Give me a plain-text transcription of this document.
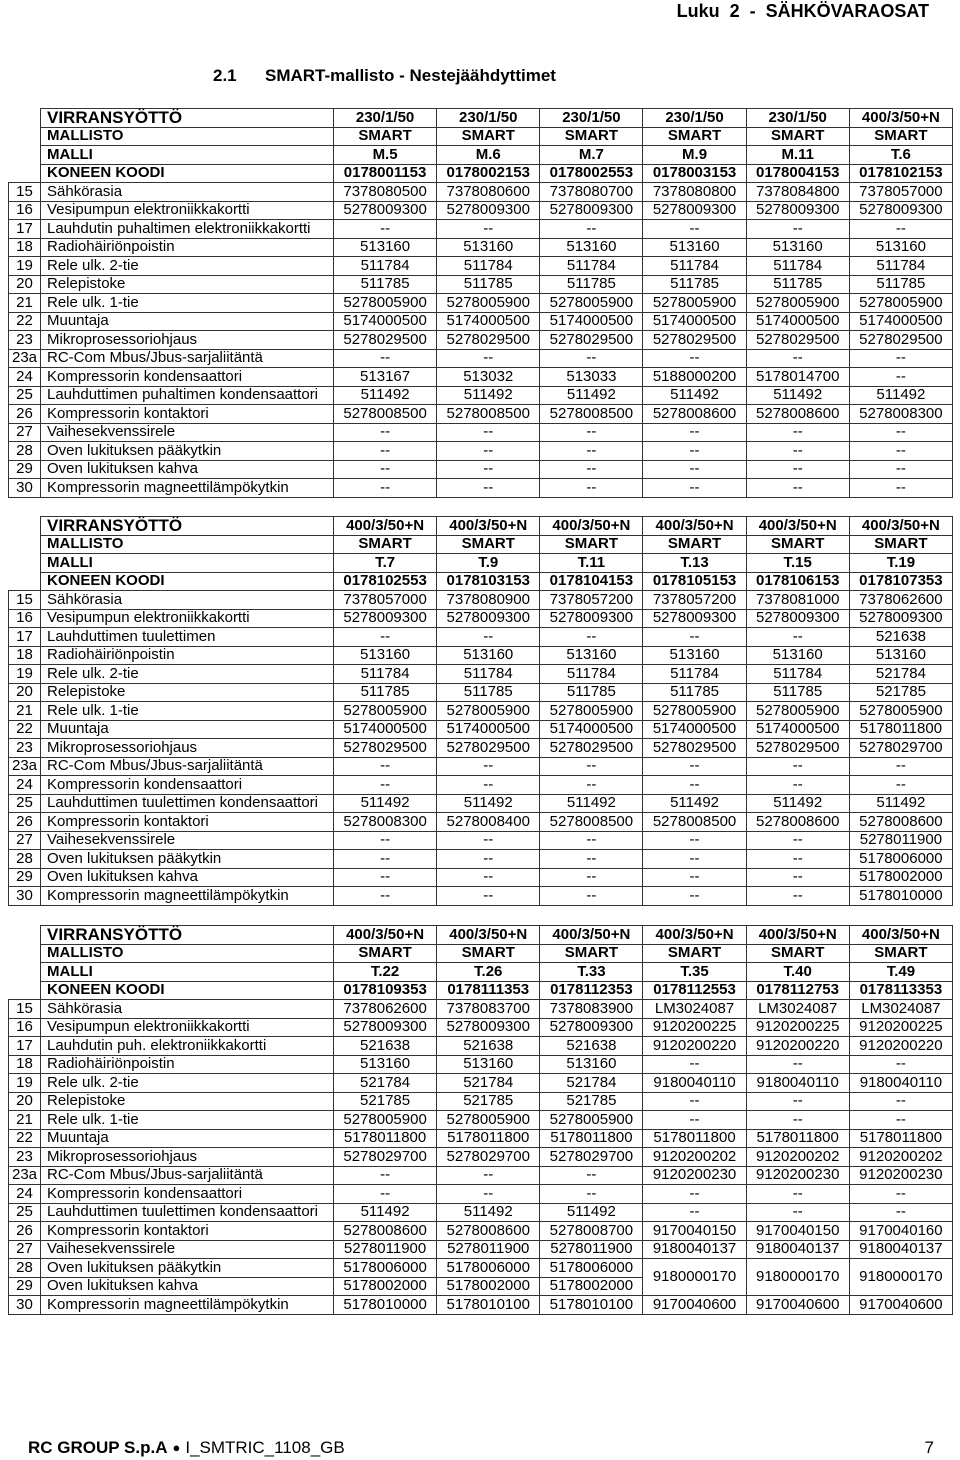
Luku 2 - SÄHKÖVARAOSAT
2.1 SMART-mallisto - Nestejäähdyttimet
	VIRRANSYÖTTÖ	230/1/50	230/1/50	230/1/50	230/1/50	230/1/50	400/3/50+N
	MALLISTO	SMART	SMART	SMART	SMART	SMART	SMART
	MALLI	M.5	M.6	M.7	M.9	M.11	T.6
	KONEEN KOODI	0178001153	0178002153	0178002553	0178003153	0178004153	0178102153
15	Sähkörasia	7378080500	7378080600	7378080700	7378080800	7378084800	7378057000
16	Vesipumpun elektroniikkakortti	5278009300	5278009300	5278009300	5278009300	5278009300	5278009300
17	Lauhdutin puhaltimen elektroniikkakortti	--	--	--	--	--	--
18	Radiohäiriönpoistin	513160	513160	513160	513160	513160	513160
19	Rele ulk. 2-tie	511784	511784	511784	511784	511784	511784
20	Relepistoke	511785	511785	511785	511785	511785	511785
21	Rele ulk. 1-tie	5278005900	5278005900	5278005900	5278005900	5278005900	5278005900
22	Muuntaja	5174000500	5174000500	5174000500	5174000500	5174000500	5174000500
23	Mikroprosessoriohjaus	5278029500	5278029500	5278029500	5278029500	5278029500	5278029500
23a	RC-Com Mbus/Jbus-sarjaliitäntä	--	--	--	--	--	--
24	Kompressorin kondensaattori	513167	513032	513033	5188000200	5178014700	--
25	Lauhduttimen puhaltimen kondensaattori	511492	511492	511492	511492	511492	511492
26	Kompressorin kontaktori	5278008500	5278008500	5278008500	5278008600	5278008600	5278008300
27	Vaihesekvenssirele	--	--	--	--	--	--
28	Oven lukituksen pääkytkin	--	--	--	--	--	--
29	Oven lukituksen kahva	--	--	--	--	--	--
30	Kompressorin magneettilämpökytkin	--	--	--	--	--	--
	VIRRANSYÖTTÖ	400/3/50+N	400/3/50+N	400/3/50+N	400/3/50+N	400/3/50+N	400/3/50+N
	MALLISTO	SMART	SMART	SMART	SMART	SMART	SMART
	MALLI	T.7	T.9	T.11	T.13	T.15	T.19
	KONEEN KOODI	0178102553	0178103153	0178104153	0178105153	0178106153	0178107353
15	Sähkörasia	7378057000	7378080900	7378057200	7378057200	7378081000	7378062600
16	Vesipumpun elektroniikkakortti	5278009300	5278009300	5278009300	5278009300	5278009300	5278009300
17	Lauhduttimen tuulettimen	--	--	--	--	--	521638
18	Radiohäiriönpoistin	513160	513160	513160	513160	513160	513160
19	Rele ulk. 2-tie	511784	511784	511784	511784	511784	521784
20	Relepistoke	511785	511785	511785	511785	511785	521785
21	Rele ulk. 1-tie	5278005900	5278005900	5278005900	5278005900	5278005900	5278005900
22	Muuntaja	5174000500	5174000500	5174000500	5174000500	5174000500	5178011800
23	Mikroprosessoriohjaus	5278029500	5278029500	5278029500	5278029500	5278029500	5278029700
23a	RC-Com Mbus/Jbus-sarjaliitäntä	--	--	--	--	--	--
24	Kompressorin kondensaattori	--	--	--	--	--	--
25	Lauhduttimen tuulettimen kondensaattori	511492	511492	511492	511492	511492	511492
26	Kompressorin kontaktori	5278008300	5278008400	5278008500	5278008500	5278008600	5278008600
27	Vaihesekvenssirele	--	--	--	--	--	5278011900
28	Oven lukituksen pääkytkin	--	--	--	--	--	5178006000
29	Oven lukituksen kahva	--	--	--	--	--	5178002000
30	Kompressorin magneettilämpökytkin	--	--	--	--	--	5178010000
	VIRRANSYÖTTÖ	400/3/50+N	400/3/50+N	400/3/50+N	400/3/50+N	400/3/50+N	400/3/50+N
	MALLISTO	SMART	SMART	SMART	SMART	SMART	SMART
	MALLI	T.22	T.26	T.33	T.35	T.40	T.49
	KONEEN KOODI	0178109353	0178111353	0178112353	0178112553	0178112753	0178113353
15	Sähkörasia	7378062600	7378083700	7378083900	LM3024087	LM3024087	LM3024087
16	Vesipumpun elektroniikkakortti	5278009300	5278009300	5278009300	9120200225	9120200225	9120200225
17	Lauhdutin puh. elektroniikkakortti	521638	521638	521638	9120200220	9120200220	9120200220
18	Radiohäiriönpoistin	513160	513160	513160	--	--	--
19	Rele ulk. 2-tie	521784	521784	521784	9180040110	9180040110	9180040110
20	Relepistoke	521785	521785	521785	--	--	--
21	Rele ulk. 1-tie	5278005900	5278005900	5278005900	--	--	--
22	Muuntaja	5178011800	5178011800	5178011800	5178011800	5178011800	5178011800
23	Mikroprosessoriohjaus	5278029700	5278029700	5278029700	9120200202	9120200202	9120200202
23a	RC-Com Mbus/Jbus-sarjaliitäntä	--	--	--	9120200230	9120200230	9120200230
24	Kompressorin kondensaattori	--	--	--	--	--	--
25	Lauhduttimen tuulettimen kondensaattori	511492	511492	511492	--	--	--
26	Kompressorin kontaktori	5278008600	5278008600	5278008700	9170040150	9170040150	9170040160
27	Vaihesekvenssirele	5278011900	5278011900	5278011900	9180040137	9180040137	9180040137
28	Oven lukituksen pääkytkin	5178006000	5178006000	5178006000	9180000170	9180000170	9180000170
29	Oven lukituksen kahva	5178002000	5178002000	5178002000			
30	Kompressorin magneettilämpökytkin	5178010000	5178010100	5178010100	9170040600	9170040600	9170040600
RC GROUP S.p.A ● I_SMTRIC_1108_GB	7
